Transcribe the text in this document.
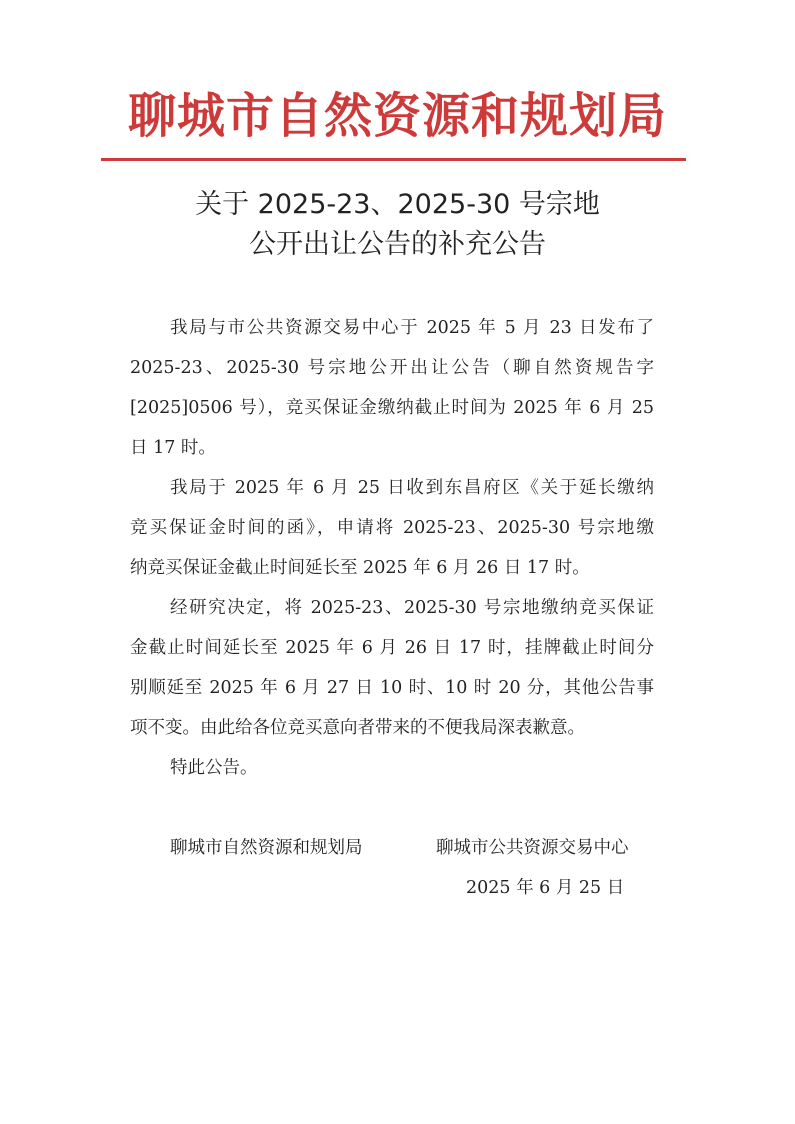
聊城市自然资源和规划局
关于 2025-23、2025-30 号宗地
公开出让公告的补充公告
我局与市公共资源交易中心于 2025 年 5 月 23 日发布了
2025-23、2025-30 号宗地公开出让公告（聊自然资规告字
[2025]0506 号），竞买保证金缴纳截止时间为 2025 年 6 月 25
日 17 时。
我局于 2025 年 6 月 25 日收到东昌府区《关于延长缴纳
竞买保证金时间的函》，申请将 2025-23、2025-30 号宗地缴
纳竞买保证金截止时间延长至 2025 年 6 月 26 日 17 时。
经研究决定，将 2025-23、2025-30 号宗地缴纳竞买保证
金截止时间延长至 2025 年 6 月 26 日 17 时，挂牌截止时间分
别顺延至 2025 年 6 月 27 日 10 时、10 时 20 分，其他公告事
项不变。由此给各位竞买意向者带来的不便我局深表歉意。
特此公告。
聊城市自然资源和规划局	聊城市公共资源交易中心
2025 年 6 月 25 日
